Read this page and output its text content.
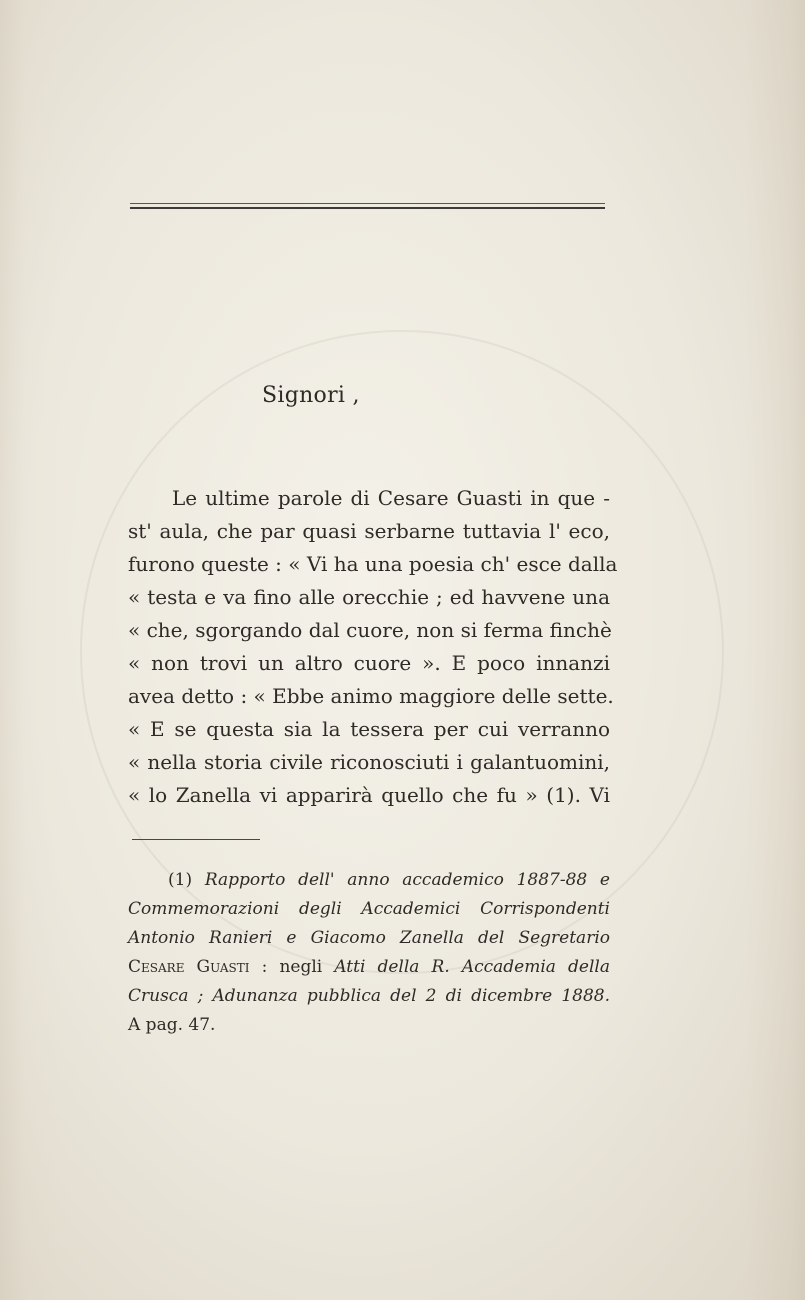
Signori ,
Le ultime parole di Cesare Guasti in que -
st' aula, che par quasi serbarne tuttavia l' eco,
furono queste : « Vi ha una poesia ch' esce dalla
« testa e va fino alle orecchie ; ed havvene una
« che, sgorgando dal cuore, non si ferma finchè
« non trovi un altro cuore ». E poco innanzi
avea detto : « Ebbe animo maggiore delle sette.
« E se questa sia la tessera per cui verranno
« nella storia civile riconosciuti i galantuomini,
« lo Zanella vi apparirà quello che fu » (1). Vi
(1) Rapporto dell' anno accademico 1887-88 e
Commemorazioni degli Accademici Corrispondenti
Antonio Ranieri e Giacomo Zanella del Segretario
Cesare Guasti : negli Atti della R. Accademia della
Crusca ; Adunanza pubblica del 2 di dicembre 1888.
A pag. 47.
